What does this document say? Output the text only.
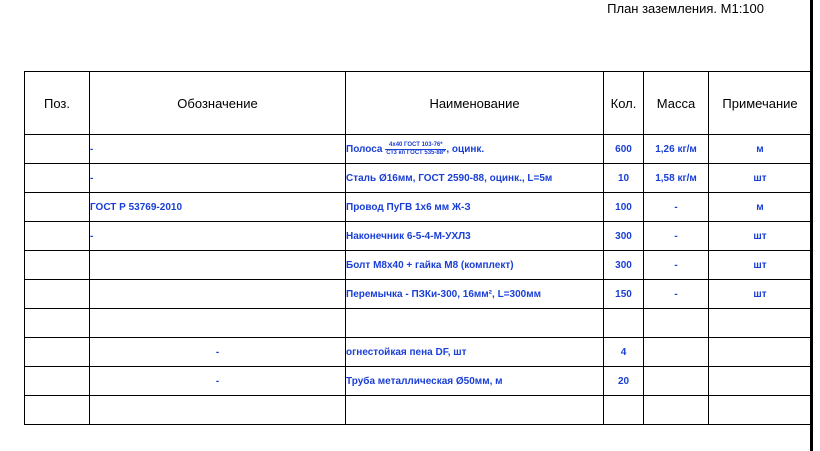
План заземления. М1:100
Поз.	Обозначение	Наименование	Кол.	Масса	Примечание
	-	Полоса $\frac{\text{4х40 ГОСТ 103-76*}}{\text{Ст3 кп ГОСТ 535-88*}}$ , оцинк.	600	1,26 кг/м	м
	-	Сталь Ø16мм, ГОСТ 2590-88, оцинк., L=5м	10	1,58 кг/м	шт
	ГОСТ Р 53769-2010	Провод ПуГВ 1х6 мм Ж-З	100	-	м
	-	Наконечник 6-5-4-М-УХЛ3	300	-	шт
		Болт М8х40 + гайка М8 (комплект)	300	-	шт
		Перемычка - ПЗКи-300, 16мм², L=300мм	150	-	шт

	-	огнестойкая пена DF, шт	4		
	-	Труба металлическая Ø50мм, м	20		
